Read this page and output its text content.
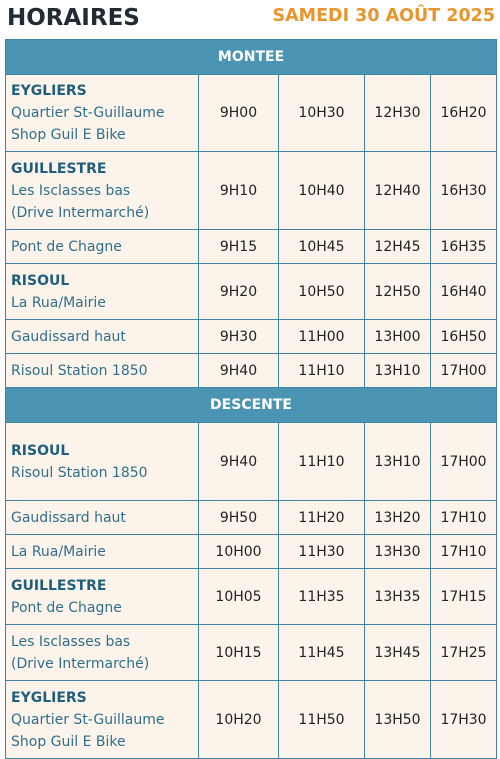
HORAIRES	SAMEDI 30 AOÛT 2025
MONTEE				

EYGLIERS
Quartier St-Guillaume
Shop Guil E Bike	9H00	10H30	12H30	16H20

GUILLESTRE
Les Isclasses bas
(Drive Intermarché)	9H10	10H40	12H40	16H30

Pont de Chagne	9H15	10H45	12H45	16H35

RISOUL
La Rua/Mairie	9H20	10H50	12H50	16H40

Gaudissard haut	9H30	11H00	13H00	16H50

Risoul Station 1850	9H40	11H10	13H10	17H00
DESCENTE				

RISOUL
Risoul Station 1850	9H40	11H10	13H10	17H00

Gaudissard haut	9H50	11H20	13H20	17H10

La Rua/Mairie	10H00	11H30	13H30	17H10

GUILLESTRE
Pont de Chagne	10H05	11H35	13H35	17H15

Les Isclasses bas
(Drive Intermarché)	10H15	11H45	13H45	17H25

EYGLIERS
Quartier St-Guillaume
Shop Guil E Bike	10H20	11H50	13H50	17H30
